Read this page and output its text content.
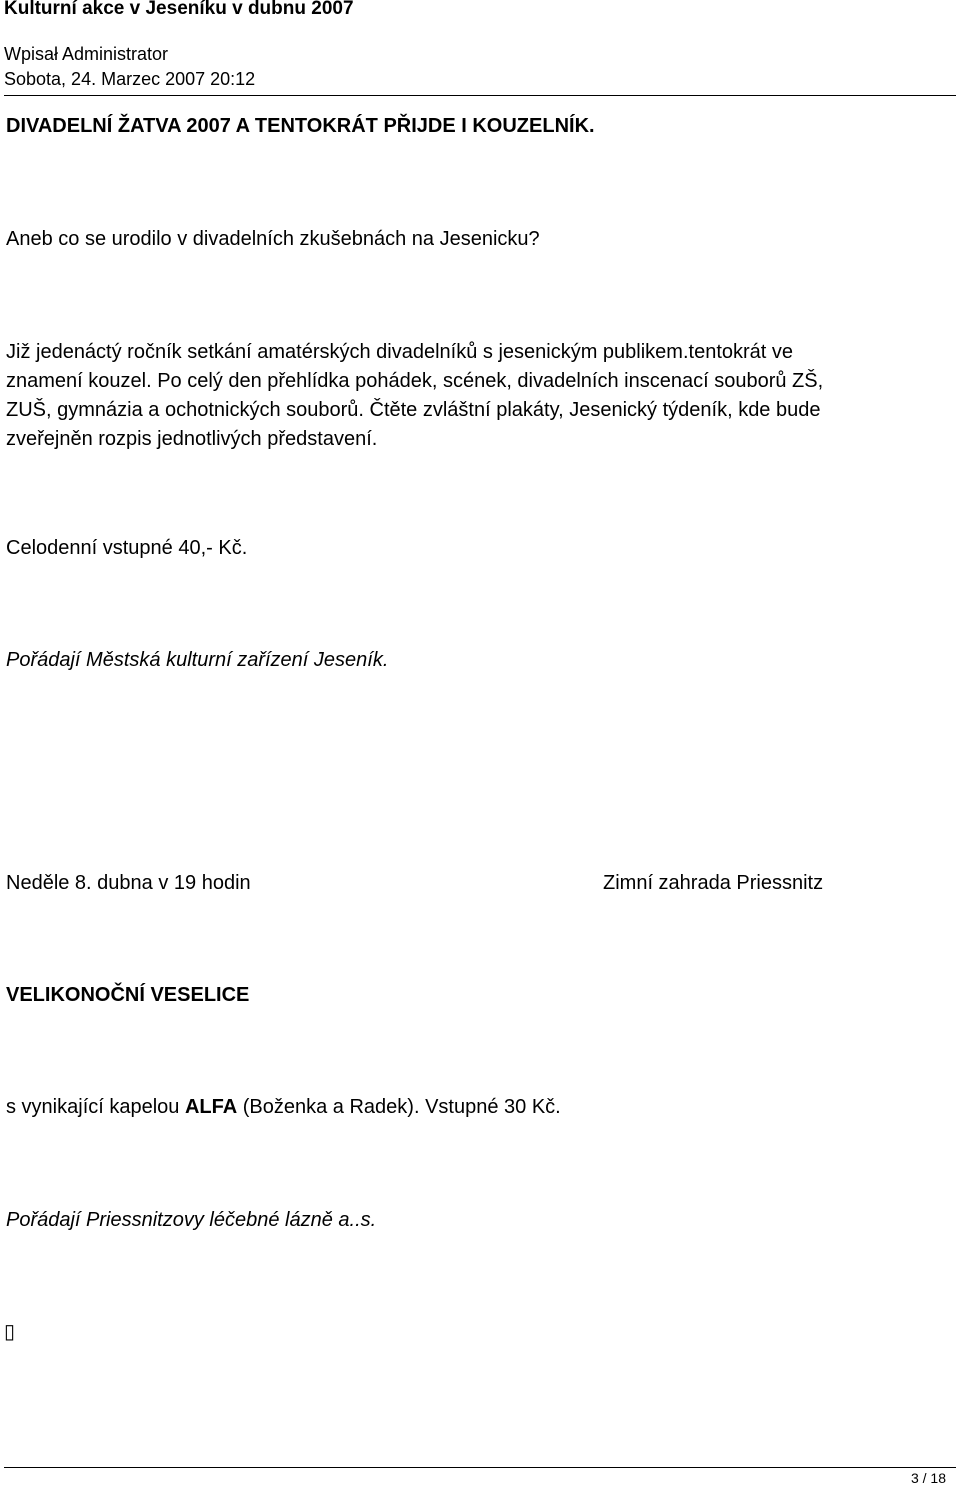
Kulturní akce v Jeseníku v dubnu 2007
Wpisał Administrator
Sobota, 24. Marzec 2007 20:12
DIVADELNÍ ŽATVA 2007 A TENTOKRÁT PŘIJDE I KOUZELNÍK.
Aneb co se urodilo v divadelních zkušebnách na Jesenicku?
Již jedenáctý ročník setkání amatérských divadelníků s jesenickým publikem.tentokrát ve
znamení kouzel. Po celý den přehlídka pohádek, scének, divadelních inscenací souborů ZŠ,
ZUŠ, gymnázia a ochotnických souborů. Čtěte zvláštní plakáty, Jesenický týdeník, kde bude
zveřejněn rozpis jednotlivých představení.
Celodenní vstupné 40,- Kč.
Pořádají Městská kulturní zařízení Jeseník.
Neděle 8. dubna v 19 hodin	Zimní zahrada Priessnitz
VELIKONOČNÍ VESELICE
s vynikající kapelou ALFA (Boženka a Radek). Vstupné 30 Kč.
Pořádají Priessnitzovy léčebné lázně a..s.
▯
3 / 18
